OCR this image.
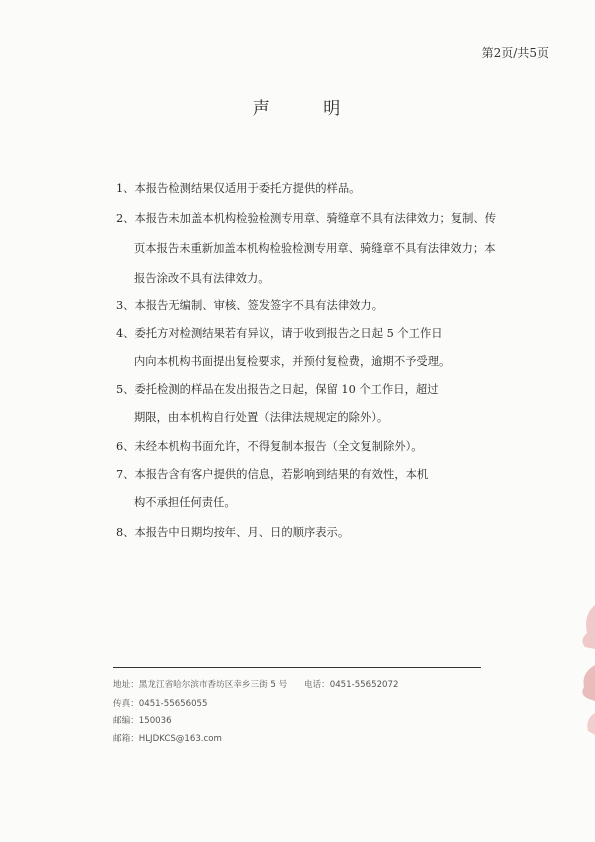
第2页/共5页
声	明
1、本报告检测结果仅适用于委托方提供的样品。
2、本报告未加盖本机构检验检测专用章、骑缝章不具有法律效力；复制、传
页本报告未重新加盖本机构检验检测专用章、骑缝章不具有法律效力；本
报告涂改不具有法律效力。
3、本报告无编制、审核、签发签字不具有法律效力。
4、委托方对检测结果若有异议，请于收到报告之日起 5 个工作日
内向本机构书面提出复检要求，并预付复检费，逾期不予受理。
5、委托检测的样品在发出报告之日起，保留 10 个工作日，超过
期限，由本机构自行处置（法律法规规定的除外）。
6、未经本机构书面允许，不得复制本报告（全文复制除外）。
7、本报告含有客户提供的信息，若影响到结果的有效性，本机
构不承担任何责任。
8、本报告中日期均按年、月、日的顺序表示。
地址：黑龙江省哈尔滨市香坊区幸乡三街 5 号 电话：0451-55652072
传真：0451-55656055
邮编：150036
邮箱：HLJDKCS@163.com
